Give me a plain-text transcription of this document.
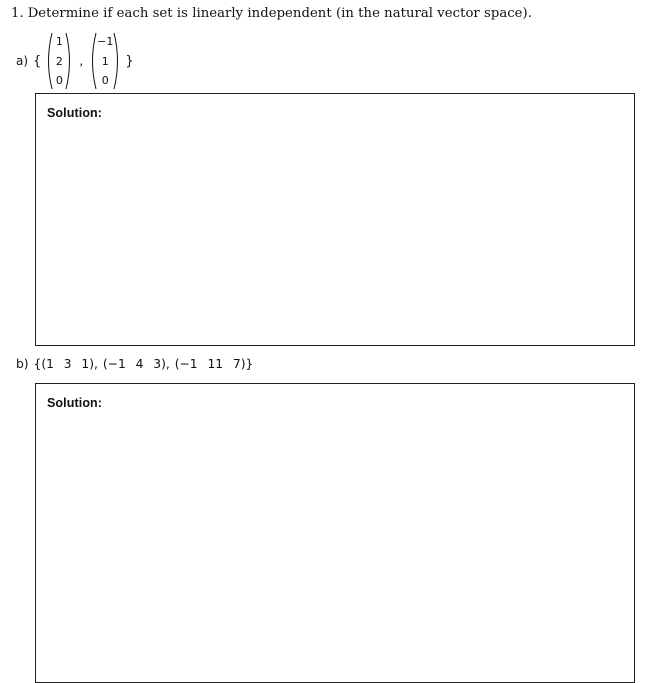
1. Determine if each set is linearly independent (in the natural vector space).
a) {
1
2
0
,
−1
1
0
}
Solution:
b) {(1  3  1), (−1  4  3), (−1  11  7)}
Solution:
